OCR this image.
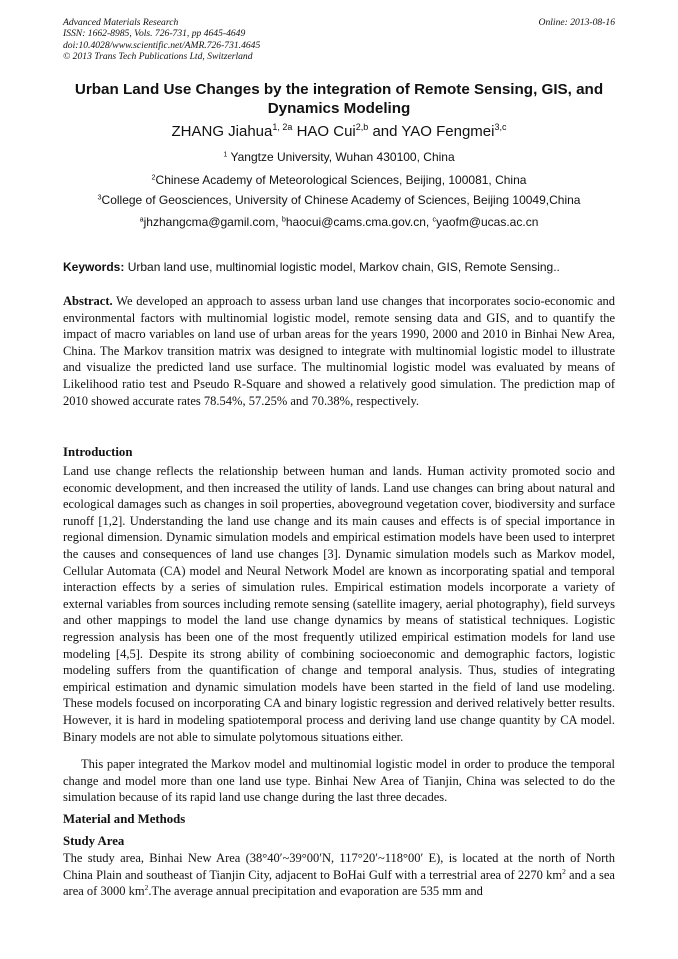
Advanced Materials Research
ISSN: 1662-8985, Vols. 726-731, pp 4645-4649
doi:10.4028/www.scientific.net/AMR.726-731.4645
© 2013 Trans Tech Publications Ltd, Switzerland
Online: 2013-08-16
Urban Land Use Changes by the integration of Remote Sensing, GIS, and Dynamics Modeling
ZHANG Jiahua$^{1, 2a}$ HAO Cui$^{2,b}$ and YAO Fengmei$^{3,c}$
$^1$ Yangtze University, Wuhan 430100, China
$^2$Chinese Academy of Meteorological Sciences, Beijing, 100081, China
$^3$College of Geosciences, University of Chinese Academy of Sciences, Beijing 10049,China
$^a$jhzhangcma@gamil.com, $^b$haocui@cams.cma.gov.cn, $^c$yaofm@ucas.ac.cn
Keywords: Urban land use, multinomial logistic model, Markov chain, GIS, Remote Sensing..

Abstract. We developed an approach to assess urban land use changes that incorporates socio-economic and environmental factors with multinomial logistic model, remote sensing data and GIS, and to quantify the impact of macro variables on land use of urban areas for the years 1990, 2000 and 2010 in Binhai New Area, China. The Markov transition matrix was designed to integrate with multinomial logistic model to illustrate and visualize the predicted land use surface. The multinomial logistic model was evaluated by means of Likelihood ratio test and Pseudo R-Square and showed a relatively good simulation. The prediction map of 2010 showed accurate rates 78.54%, 57.25% and 70.38%, respectively.

Introduction

Land use change reflects the relationship between human and lands. Human activity promoted socio and economic development, and then increased the utility of lands. Land use changes can bring about natural and ecological damages such as changes in soil properties, aboveground vegetation cover, biodiversity and surface runoff [1,2]. Understanding the land use change and its main causes and effects is of special importance in regional dimension. Dynamic simulation models and empirical estimation models have been used to interpret the causes and consequences of land use changes [3]. Dynamic simulation models such as Markov model, Cellular Automata (CA) model and Neural Network Model are known as incorporating spatial and temporal interaction effects by a series of simulation rules. Empirical estimation models incorporate a variety of external variables from sources including remote sensing (satellite imagery, aerial photography), field surveys and other mappings to model the land use change dynamics by means of statistical techniques. Logistic regression analysis has been one of the most frequently utilized empirical estimation models for land use modeling [4,5]. Despite its strong ability of combining socioeconomic and demographic factors, logistic modeling suffers from the quantification of change and temporal analysis. Thus, studies of integrating empirical estimation and dynamic simulation models have been started in the field of land use modeling. These models focused on incorporating CA and binary logistic regression and derived relatively better results. However, it is hard in modeling spatiotemporal process and deriving land use change quantity by CA model. Binary models are not able to simulate polytomous situations either.

This paper integrated the Markov model and multinomial logistic model in order to produce the temporal change and model more than one land use type. Binhai New Area of Tianjin, China was selected to do the simulation because of its rapid land use change during the last three decades.

Material and Methods
Study Area

The study area, Binhai New Area (38°40′~39°00′N, 117°20′~118°00′ E), is located at the north of North China Plain and southeast of Tianjin City, adjacent to BoHai Gulf with a terrestrial area of 2270 $km^2$ and a sea area of 3000 $km^2.The$ average annual precipitation and evaporation are 535 mm and
